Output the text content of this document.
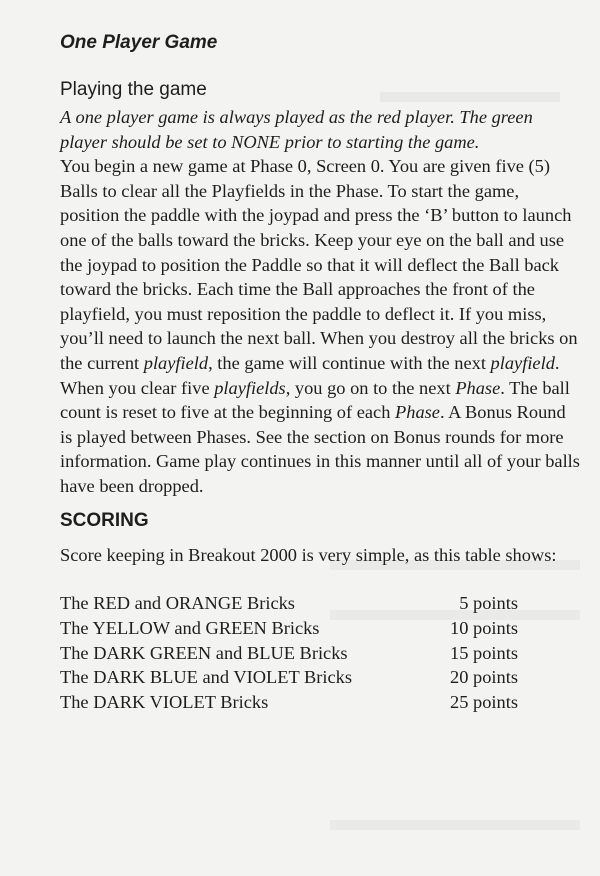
One Player Game
Playing the game

A one player game is always played as the red player. The green player should be set to NONE prior to starting the game.

You begin a new game at Phase 0, Screen 0. You are given five (5) Balls to clear all the Playfields in the Phase. To start the game, position the paddle with the joypad and press the ‘B’ button to launch one of the balls toward the bricks. Keep your eye on the ball and use the joypad to position the Paddle so that it will deflect the Ball back toward the bricks. Each time the Ball approaches the front of the playfield, you must reposition the paddle to deflect it. If you miss, you’ll need to launch the next ball. When you destroy all the bricks on the current playfield, the game will continue with the next playfield. When you clear five playfields, you go on to the next Phase. The ball count is reset to five at the beginning of each Phase. A Bonus Round is played between Phases. See the section on Bonus rounds for more information. Game play continues in this manner until all of your balls have been dropped.

SCORING

Score keeping in Breakout 2000 is very simple, as this table shows:

The RED and ORANGE Bricks	5 points
The YELLOW and GREEN Bricks	10 points
The DARK GREEN and BLUE Bricks	15 points
The DARK BLUE and VIOLET Bricks	20 points
The DARK VIOLET Bricks	25 points
